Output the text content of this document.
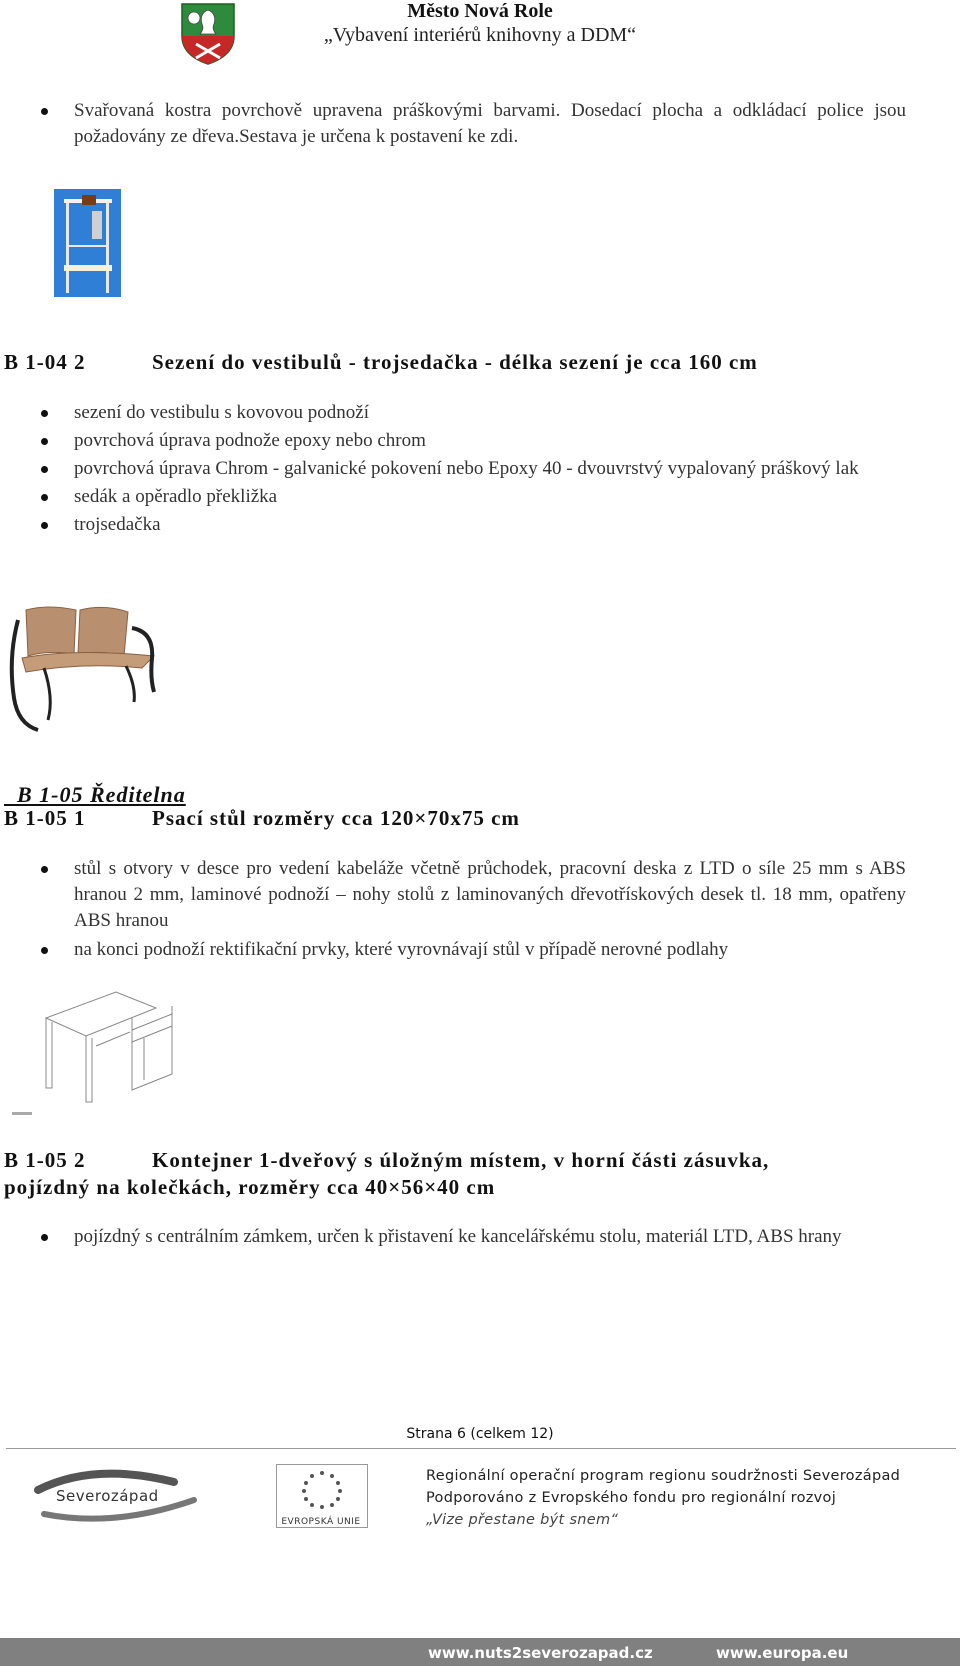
Město Nová Role
„Vybavení interiérů knihovny a DDM“
Svařovaná kostra povrchově upravena práškovými barvami. Dosedací plocha a odkládací police jsou požadovány ze dřeva.Sestava je určena k postavení ke zdi.
B 1-04 2	Sezení do vestibulů - trojsedačka - délka sezení je cca 160 cm
sezení do vestibulu s kovovou podnoží
povrchová úprava podnože epoxy nebo chrom
povrchová úprava Chrom - galvanické pokovení nebo Epoxy 40 - dvouvrstvý vypalovaný práškový lak
sedák a opěradlo překližka
trojsedačka

B 1-05 Ředitelna

B 1-05 1	Psací stůl rozměry cca 120×70x75 cm
stůl s otvory v desce pro vedení kabeláže včetně průchodek, pracovní deska z LTD o síle 25 mm s ABS hranou 2 mm, laminové podnoží – nohy stolů z laminovaných dřevotřískových desek tl. 18 mm, opatřeny ABS hranou
na konci podnoží rektifikační prvky, které vyrovnávají stůl v případě nerovné podlahy
B 1-05 2	Kontejner 1-dveřový s úložným místem, v horní části zásuvka,
pojízdný na kolečkách, rozměry cca 40×56×40 cm
pojízdný s centrálním zámkem, určen k přistavení ke kancelářskému stolu, materiál LTD, ABS hrany
Strana 6 (celkem 12)
Severozápad
EVROPSKÁ UNIE
Regionální operační program regionu soudržnosti Severozápad
Podporováno z Evropského fondu pro regionální rozvoj
„Vize přestane být snem“
www.nuts2severozapad.cz	www.europa.eu
